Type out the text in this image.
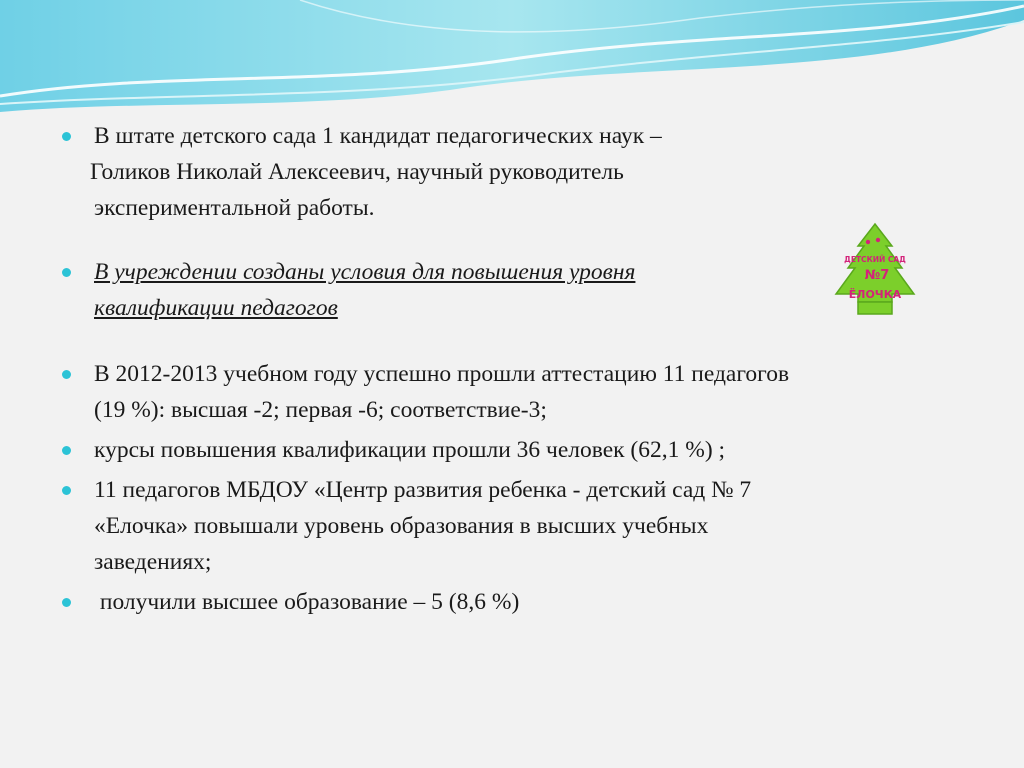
В штате детского сада 1 кандидат педагогических наук –
Голиков Николай Алексеевич, научный руководитель
экспериментальной работы.
В учреждении созданы условия для повышения уровня
квалификации педагогов
В 2012-2013 учебном году успешно прошли аттестацию 11 педагогов
(19 %): высшая -2; первая -6; соответствие-3;
курсы повышения квалификации прошли 36 человек (62,1 %) ;
11 педагогов МБДОУ «Центр развития ребенка - детский сад № 7
«Елочка» повышали уровень образования в высших учебных
заведениях;
получили высшее образование – 5 (8,6 %)
ДЕТСКИЙ САД
№7
ЁЛОЧКА
